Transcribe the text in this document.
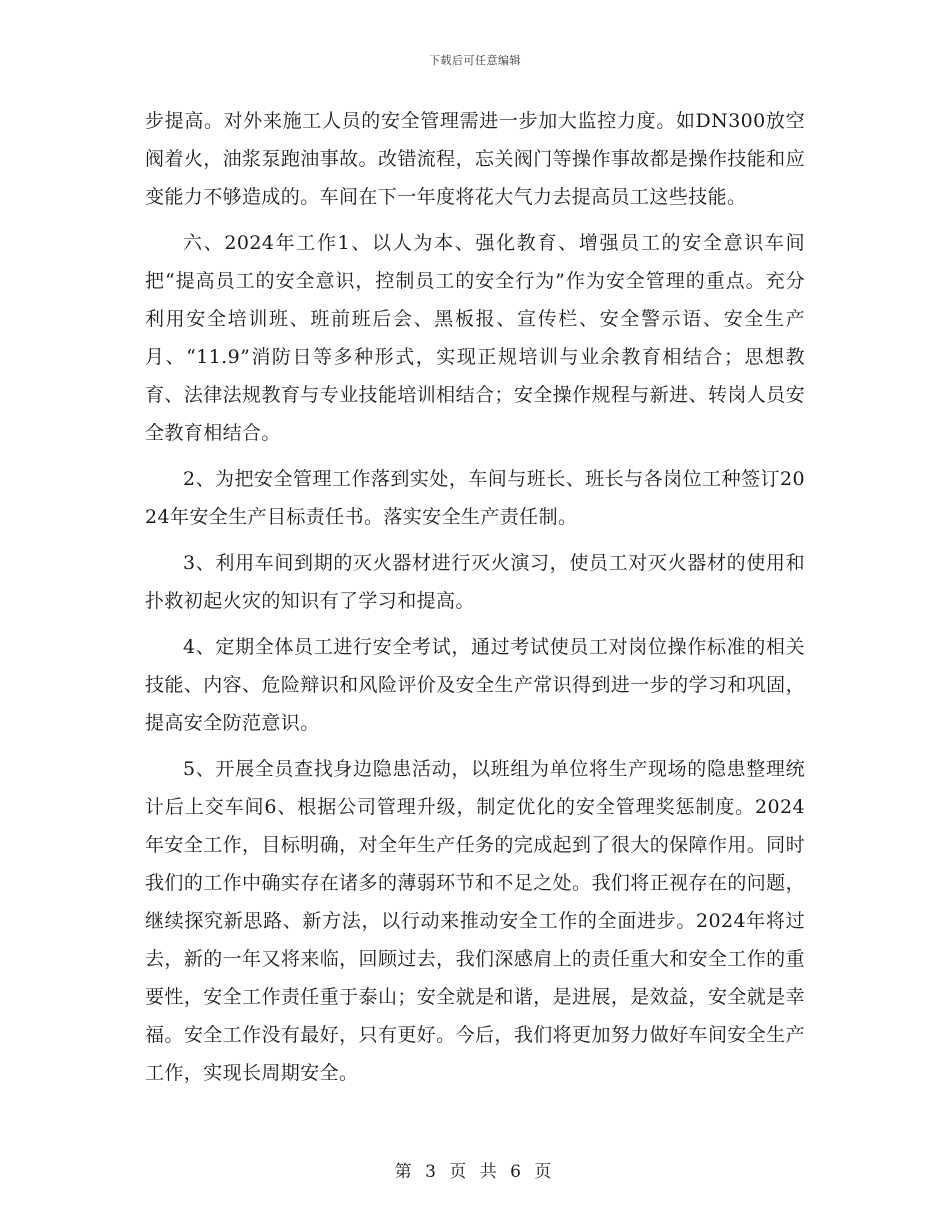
下载后可任意编辑

步提高。对外来施工人员的安全管理需进一步加大监控力度。如DN300放空阀着火，油浆泵跑油事故。改错流程，忘关阀门等操作事故都是操作技能和应变能力不够造成的。车间在下一年度将花大气力去提高员工这些技能。

六、2024年工作1、以人为本、强化教育、增强员工的安全意识车间把“提高员工的安全意识，控制员工的安全行为”作为安全管理的重点。充分利用安全培训班、班前班后会、黑板报、宣传栏、安全警示语、安全生产月、“11.9”消防日等多种形式，实现正规培训与业余教育相结合；思想教育、法律法规教育与专业技能培训相结合；安全操作规程与新进、转岗人员安全教育相结合。

2、为把安全管理工作落到实处，车间与班长、班长与各岗位工种签订2024年安全生产目标责任书。落实安全生产责任制。

3、利用车间到期的灭火器材进行灭火演习，使员工对灭火器材的使用和扑救初起火灾的知识有了学习和提高。

4、定期全体员工进行安全考试，通过考试使员工对岗位操作标准的相关技能、内容、危险辩识和风险评价及安全生产常识得到进一步的学习和巩固，提高安全防范意识。

5、开展全员查找身边隐患活动，以班组为单位将生产现场的隐患整理统计后上交车间6、根据公司管理升级，制定优化的安全管理奖惩制度。2024年安全工作，目标明确，对全年生产任务的完成起到了很大的保障作用。同时我们的工作中确实存在诸多的薄弱环节和不足之处。我们将正视存在的问题，继续探究新思路、新方法，以行动来推动安全工作的全面进步。2024年将过去，新的一年又将来临，回顾过去，我们深感肩上的责任重大和安全工作的重要性，安全工作责任重于泰山；安全就是和谐，是进展，是效益，安全就是幸福。安全工作没有最好，只有更好。今后，我们将更加努力做好车间安全生产工作，实现长周期安全。

第 3 页 共 6 页
